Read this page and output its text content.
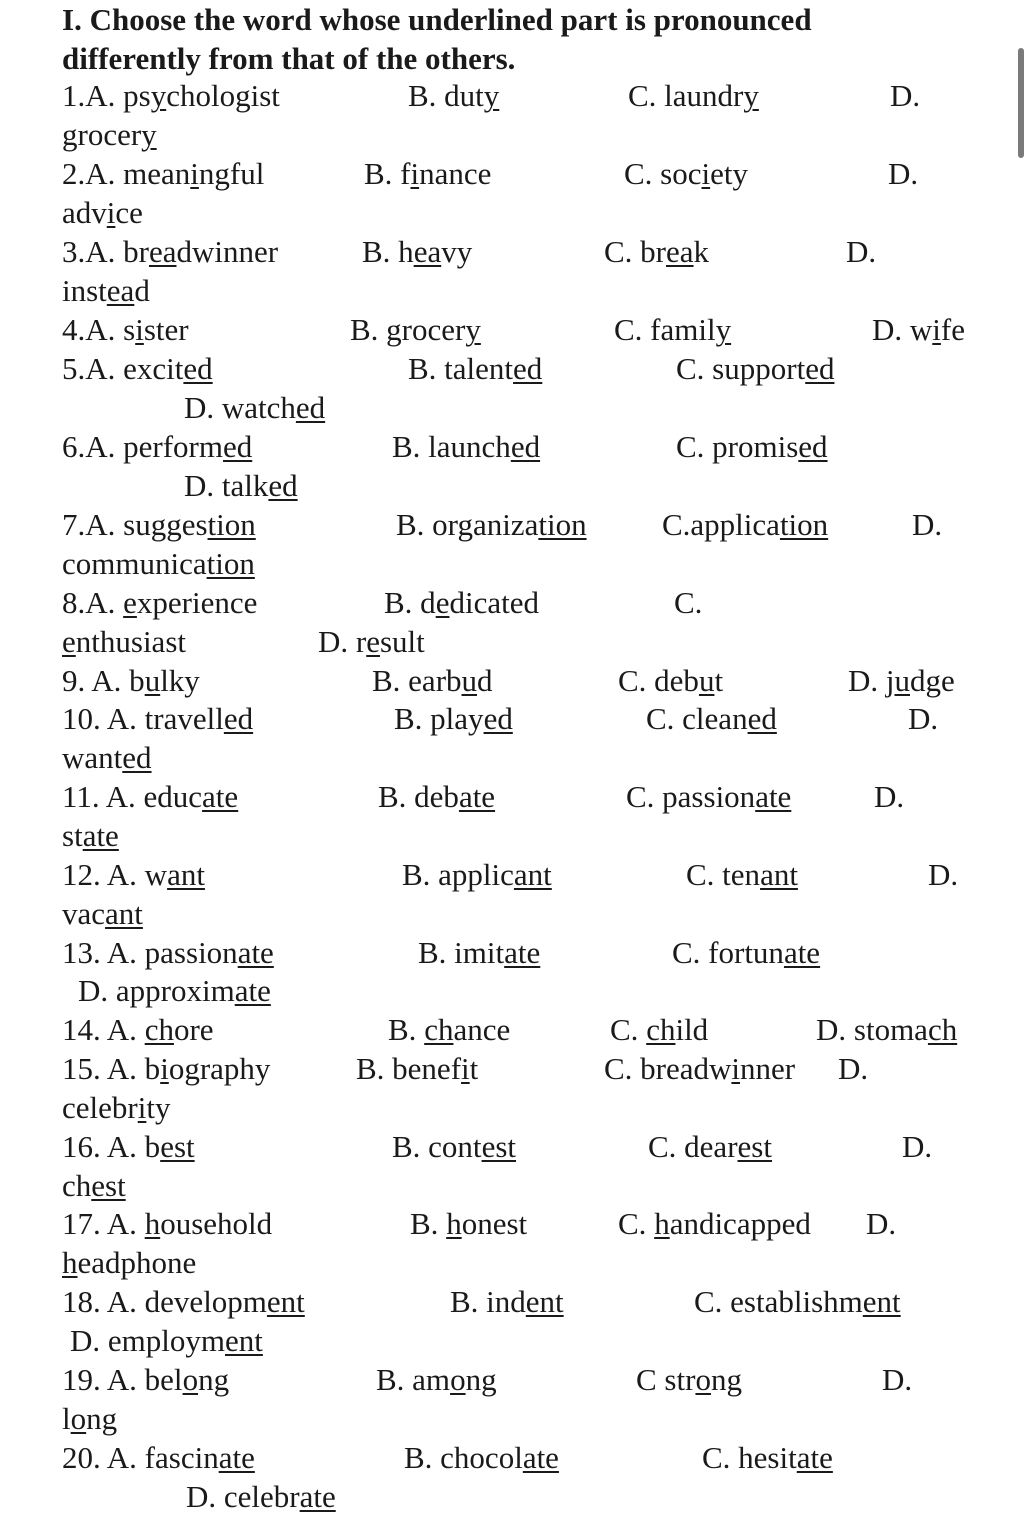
I. Choose the word whose underlined part is pronounced
differently from that of the others.
1.A. psychologist	B. duty	C. laundry	D.
grocery
2.A. meaningful	B. finance	C. society	D.
advice
3.A. breadwinner	B. heavy	C. break	D.
instead
4.A. sister	B. grocery	C. family	D. wife
5.A. excited	B. talented	C. supported
D. watched
6.A. performed	B. launched	C. promised
D. talked
7.A. suggestion	B. organization C.application	D.
communication
8.A. experience	B. dedicated	C.
enthusiast	D. result
9. A. bulky	B. earbud	C. debut	D. judge
10. A. travelled	B. played	C. cleaned	D.
wanted
11. A. educate	B. debate	C. passionate	D.
state
12. A. want	B. applicant	C. tenant	D.
vacant
13. A. passionate	B. imitate	C. fortunate
D. approximate
14. A. chore	B. chance	C. child	D. stomach
15. A. biography	B. benefit	C. breadwinner D.
celebrity
16. A. best	B. contest	C. dearest	D.
chest
17. A. household	B. honest	C. handicapped D.
headphone
18. A. development	B. indent	C. establishment
D. employment
19. A. belong	B. among	C strong	D.
long
20. A. fascinate	B. chocolate	C. hesitate
D. celebrate
